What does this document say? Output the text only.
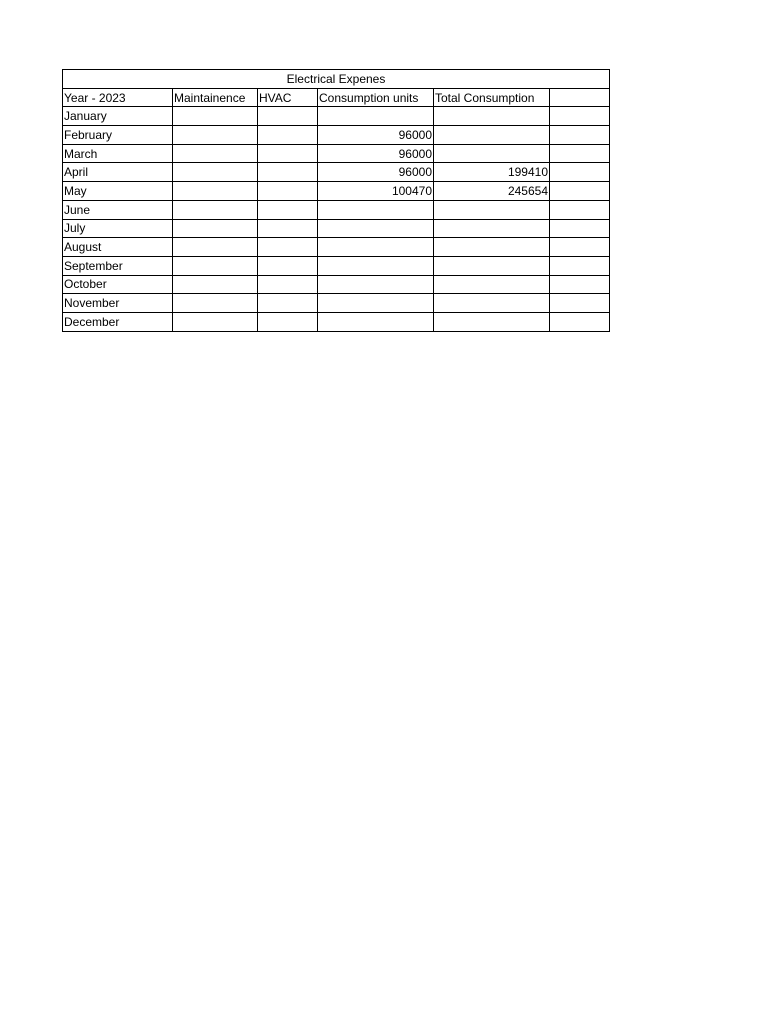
Electrical Expenes					
Year - 2023	Maintainence	HVAC	Consumption units	Total Consumption	
January					
February			96000		
March			96000		
April			96000	199410	
May			100470	245654	
June					
July					
August					
September					
October					
November					
December					
